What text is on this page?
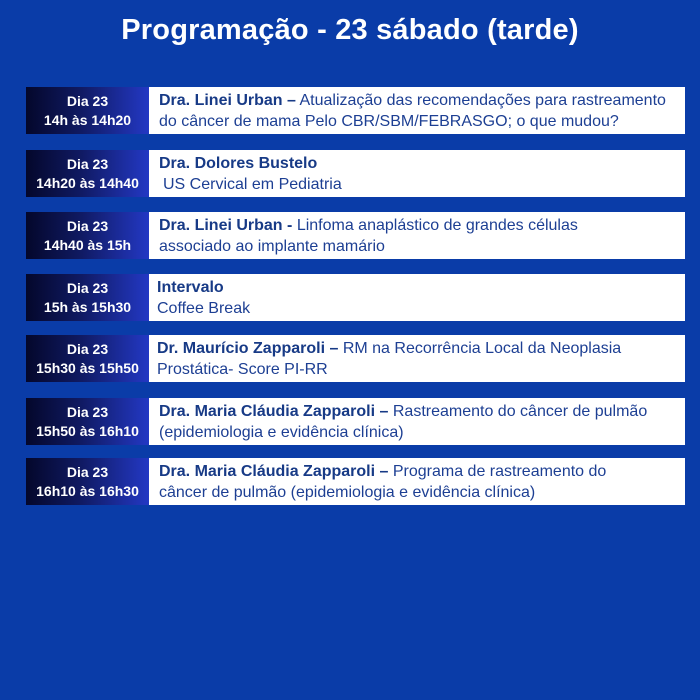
Programação - 23 sábado (tarde)
Dia 23
14h às 14h20
Dra. Linei Urban – Atualização das recomendações para rastreamento
do câncer de mama Pelo CBR/SBM/FEBRASGO; o que mudou?
Dia 23
14h20 às 14h40
Dra. Dolores Bustelo
US Cervical em Pediatria
Dia 23
14h40 às 15h
Dra. Linei Urban - Linfoma anaplástico de grandes células
associado ao implante mamário
Dia 23
15h às 15h30
Intervalo
Coffee Break
Dia 23
15h30 às 15h50
Dr. Maurício Zapparoli – RM na Recorrência Local da Neoplasia
Prostática- Score PI-RR
Dia 23
15h50 às 16h10
Dra. Maria Cláudia Zapparoli – Rastreamento do câncer de pulmão
(epidemiologia e evidência clínica)
Dia 23
16h10 às 16h30
Dra. Maria Cláudia Zapparoli – Programa de rastreamento do
câncer de pulmão (epidemiologia e evidência clínica)
